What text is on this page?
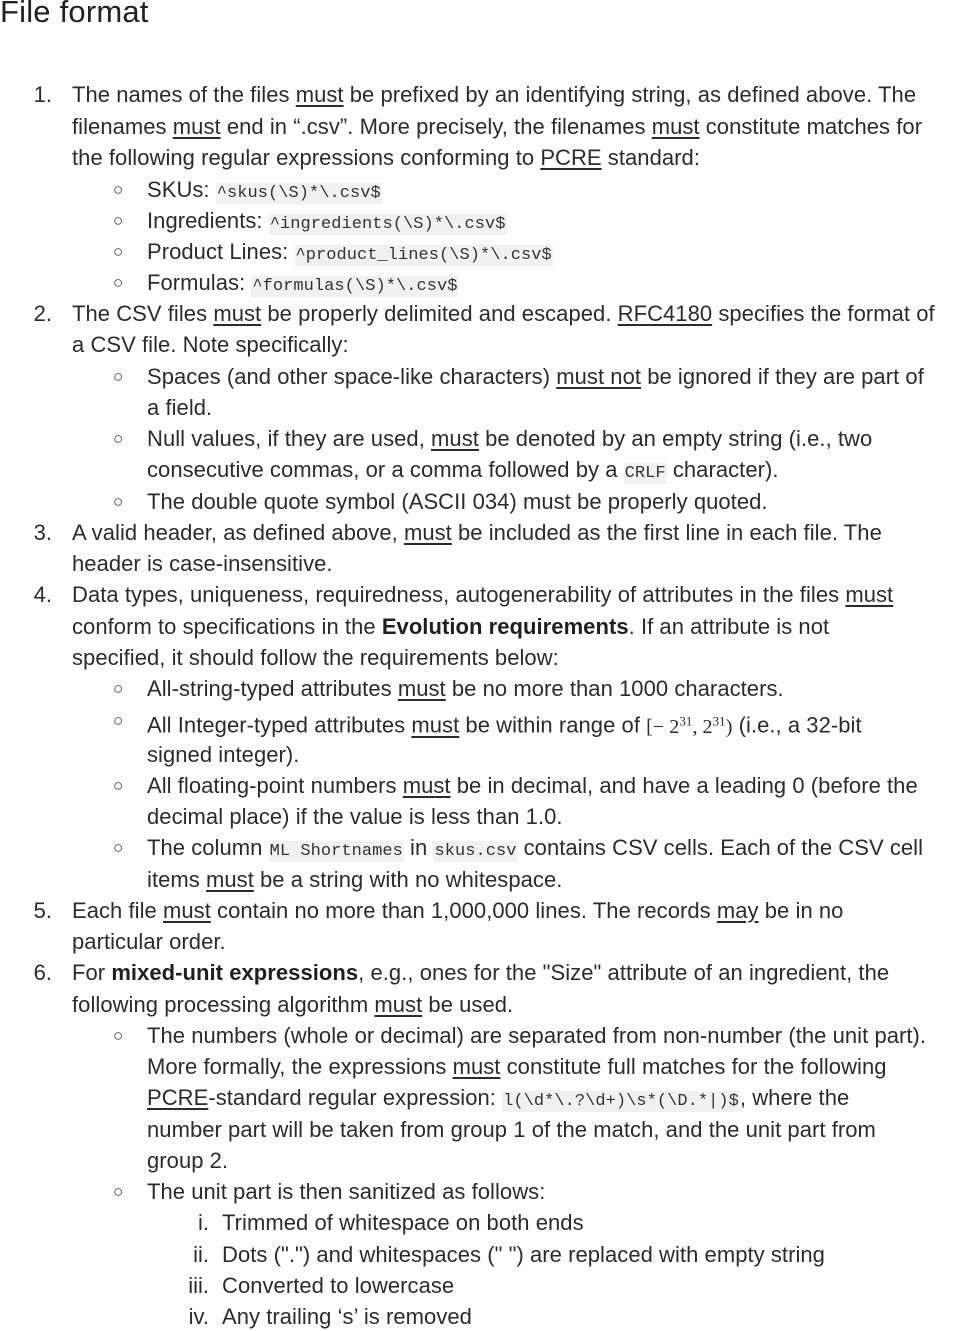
File format
1. The names of the files must be prefixed by an identifying string, as defined above. The
filenames must end in “.csv”. More precisely, the filenames must constitute matches for
the following regular expressions conforming to PCRE standard:
○ SKUs: ^skus(\S)*\.csv$
○ Ingredients: ^ingredients(\S)*\.csv$
○ Product Lines: ^product_lines(\S)*\.csv$
○ Formulas: ^formulas(\S)*\.csv$
2. The CSV files must be properly delimited and escaped. RFC4180 specifies the format of
a CSV file. Note specifically:
○ Spaces (and other space-like characters) must not be ignored if they are part of
a field.
○ Null values, if they are used, must be denoted by an empty string (i.e., two
consecutive commas, or a comma followed by a CRLF character).
○ The double quote symbol (ASCII 034) must be properly quoted.
3. A valid header, as defined above, must be included as the first line in each file. The
header is case-insensitive.
4. Data types, uniqueness, requiredness, autogenerability of attributes in the files must
conform to specifications in the Evolution requirements. If an attribute is not
specified, it should follow the requirements below:
○ All-string-typed attributes must be no more than 1000 characters.
○ All Integer-typed attributes must be within range of [− $2^{31}$, $2^{31}$) (i.e., a 32-bit
signed integer).
○ All floating-point numbers must be in decimal, and have a leading 0 (before the
decimal place) if the value is less than 1.0.
○ The column ML Shortnames in skus.csv contains CSV cells. Each of the CSV cell
items must be a string with no whitespace.
5. Each file must contain no more than 1,000,000 lines. The records may be in no
particular order.
6. For mixed-unit expressions, e.g., ones for the "Size" attribute of an ingredient, the
following processing algorithm must be used.
○ The numbers (whole or decimal) are separated from non-number (the unit part).
More formally, the expressions must constitute full matches for the following
PCRE-standard regular expression: l(\d*\.?\d+)\s*(\D.*|)$, where the
number part will be taken from group 1 of the match, and the unit part from
group 2.
○ The unit part is then sanitized as follows:
i. Trimmed of whitespace on both ends
ii. Dots (".") and whitespaces (" ") are replaced with empty string
iii. Converted to lowercase
iv. Any trailing ‘s’ is removed
